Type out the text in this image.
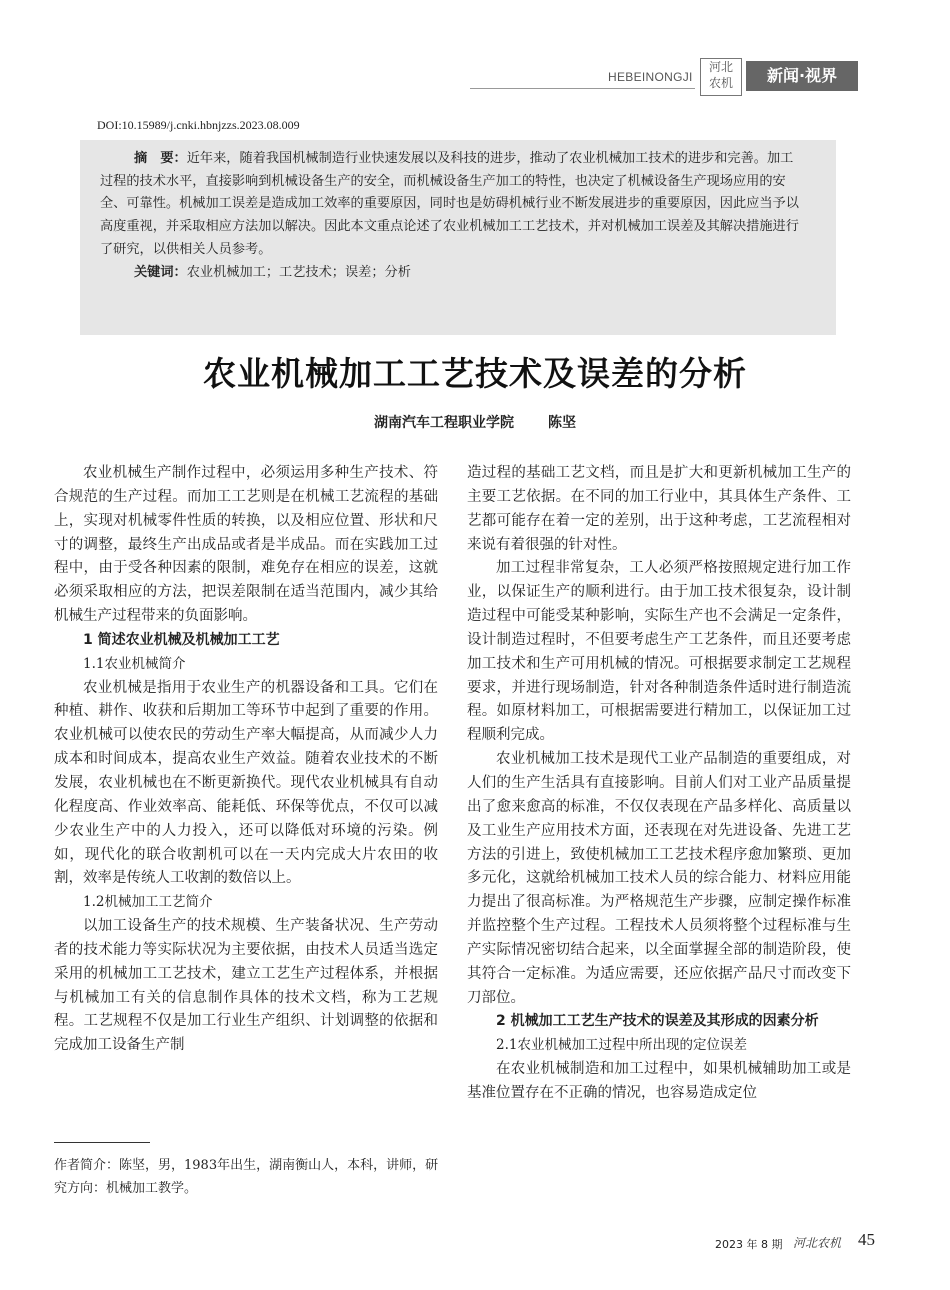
HEBEINONGJI
河北
农机	新闻·视界
DOI:10.15989/j.cnki.hbnjzzs.2023.08.009

摘　要：近年来，随着我国机械制造行业快速发展以及科技的进步，推动了农业机械加工技术的进步和完善。加工过程的技术水平，直接影响到机械设备生产的安全，而机械设备生产加工的特性，也决定了机械设备生产现场应用的安全、可靠性。机械加工误差是造成加工效率的重要原因，同时也是妨碍机械行业不断发展进步的重要原因，因此应当予以高度重视，并采取相应方法加以解决。因此本文重点论述了农业机械加工工艺技术，并对机械加工误差及其解决措施进行了研究，以供相关人员参考。

关键词：农业机械加工；工艺技术；误差；分析

农业机械加工工艺技术及误差的分析
湖南汽车工程职业学院 陈坚

农业机械生产制作过程中，必须运用多种生产技术、符合规范的生产过程。而加工工艺则是在机械工艺流程的基础上，实现对机械零件性质的转换，以及相应位置、形状和尺寸的调整，最终生产出成品或者是半成品。而在实践加工过程中，由于受各种因素的限制，难免存在相应的误差，这就必须采取相应的方法，把误差限制在适当范围内，减少其给机械生产过程带来的负面影响。

1 简述农业机械及机械加工工艺

1.1农业机械简介

农业机械是指用于农业生产的机器设备和工具。它们在种植、耕作、收获和后期加工等环节中起到了重要的作用。农业机械可以使农民的劳动生产率大幅提高，从而减少人力成本和时间成本，提高农业生产效益。随着农业技术的不断发展，农业机械也在不断更新换代。现代农业机械具有自动化程度高、作业效率高、能耗低、环保等优点，不仅可以减少农业生产中的人力投入，还可以降低对环境的污染。例如，现代化的联合收割机可以在一天内完成大片农田的收割，效率是传统人工收割的数倍以上。

1.2机械加工工艺简介

以加工设备生产的技术规模、生产装备状况、生产劳动者的技术能力等实际状况为主要依据，由技术人员适当选定采用的机械加工工艺技术，建立工艺生产过程体系，并根据与机械加工有关的信息制作具体的技术文档，称为工艺规程。工艺规程不仅是加工行业生产组织、计划调整的依据和完成加工设备生产制

造过程的基础工艺文档，而且是扩大和更新机械加工生产的主要工艺依据。在不同的加工行业中，其具体生产条件、工艺都可能存在着一定的差别，出于这种考虑，工艺流程相对来说有着很强的针对性。

加工过程非常复杂，工人必须严格按照规定进行加工作业，以保证生产的顺利进行。由于加工技术很复杂，设计制造过程中可能受某种影响，实际生产也不会满足一定条件，设计制造过程时，不但要考虑生产工艺条件，而且还要考虑加工技术和生产可用机械的情况。可根据要求制定工艺规程要求，并进行现场制造，针对各种制造条件适时进行制造流程。如原材料加工，可根据需要进行精加工，以保证加工过程顺利完成。

农业机械加工技术是现代工业产品制造的重要组成，对人们的生产生活具有直接影响。目前人们对工业产品质量提出了愈来愈高的标准，不仅仅表现在产品多样化、高质量以及工业生产应用技术方面，还表现在对先进设备、先进工艺方法的引进上，致使机械加工工艺技术程序愈加繁琐、更加多元化，这就给机械加工技术人员的综合能力、材料应用能力提出了很高标准。为严格规范生产步骤，应制定操作标准并监控整个生产过程。工程技术人员须将整个过程标准与生产实际情况密切结合起来，以全面掌握全部的制造阶段，使其符合一定标准。为适应需要，还应依据产品尺寸而改变下刀部位。

2 机械加工工艺生产技术的误差及其形成的因素分析

2.1农业机械加工过程中所出现的定位误差

在农业机械制造和加工过程中，如果机械辅助加工或是基准位置存在不正确的情况，也容易造成定位

作者简介：陈坚，男，1983年出生，湖南衡山人，本科，讲师，研究方向：机械加工教学。
2023 年 8 期 河北农机 45
